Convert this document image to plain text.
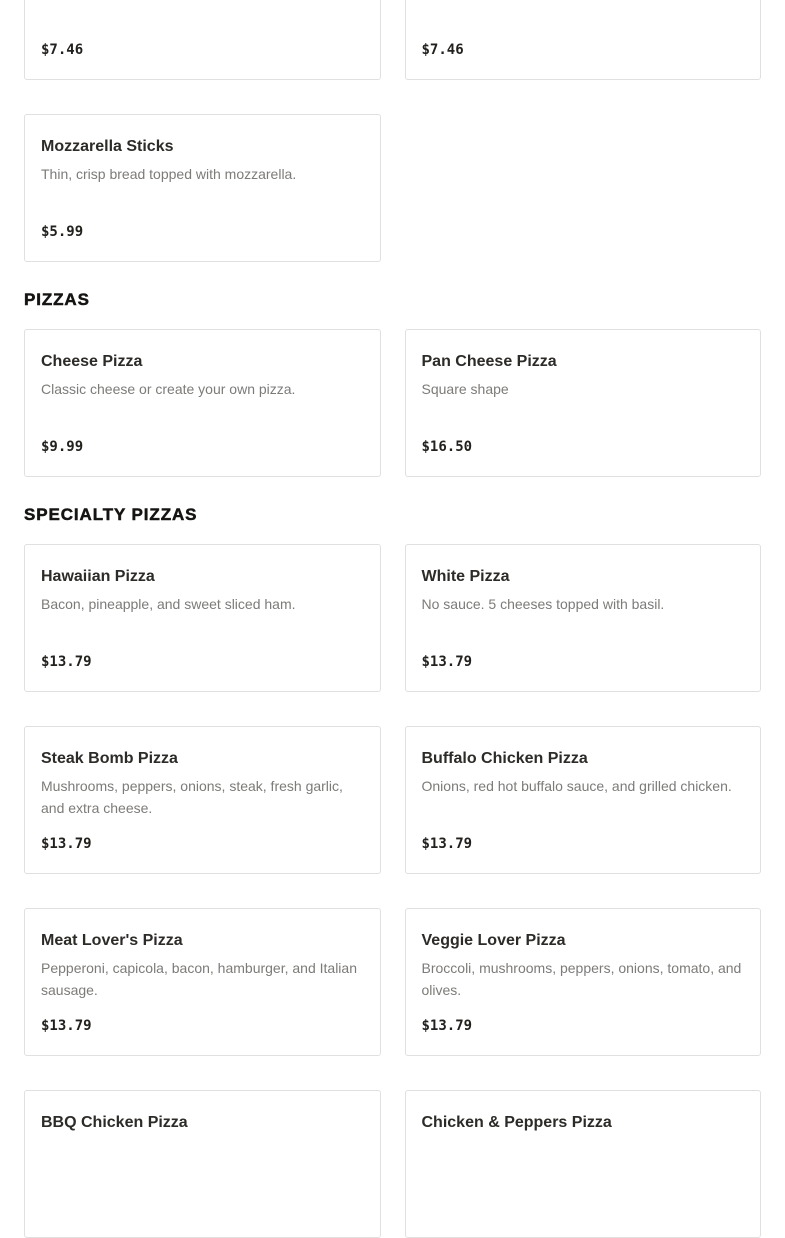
$7.46	$7.46
Mozzarella Sticks
Thin, crisp bread topped with mozzarella.
$5.99
PIZZAS
Cheese Pizza
Classic cheese or create your own pizza.
$9.99
Pan Cheese Pizza
Square shape
$16.50
SPECIALTY PIZZAS
Hawaiian Pizza
Bacon, pineapple, and sweet sliced ham.
$13.79
White Pizza
No sauce. 5 cheeses topped with basil.
$13.79
Steak Bomb Pizza
Mushrooms, peppers, onions, steak, fresh garlic, and extra cheese.
$13.79
Buffalo Chicken Pizza
Onions, red hot buffalo sauce, and grilled chicken.
$13.79
Meat Lover's Pizza
Pepperoni, capicola, bacon, hamburger, and Italian sausage.
$13.79
Veggie Lover Pizza
Broccoli, mushrooms, peppers, onions, tomato, and olives.
$13.79
BBQ Chicken Pizza	Chicken & Peppers Pizza
